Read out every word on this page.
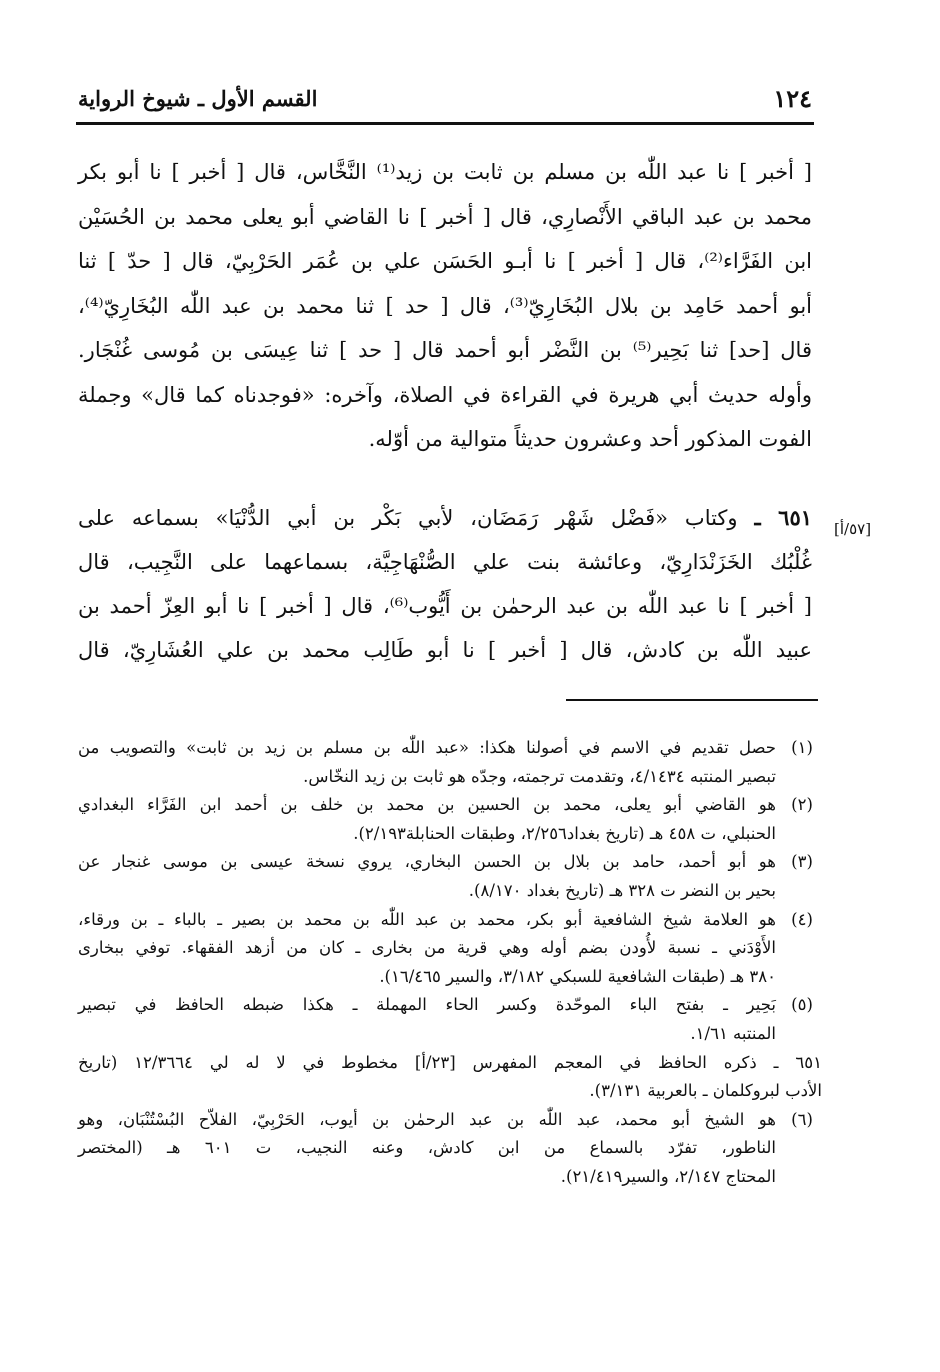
١٢٤
القسم الأول ـ شيوخ الرواية
[ أخبر ] نا عبد اللّٰه بن مسلم بن ثابت بن زيد⁽¹⁾ النَّخَّاس، قال [ أخبر ] نا أبو بكر
محمد بن عبد الباقي الأَنْصارِي، قال [ أخبر ] نا القاضي أبو يعلى محمد بن الحُسَيْن
ابن الفَرَّاء⁽²⁾، قال [ أخبر ] نا أبـو الحَسَن علي بن عُمَر الحَرْبِيّ، قال [ حدّ ] ثنا
أبو أحمد حَامِد بن بلال البُخَارِيّ⁽³⁾، قال [ حد ] ثنا محمد بن عبد اللّٰه البُخَارِيّ⁽⁴⁾،
قال [حد] ثنا بَحِير⁽⁵⁾ بن النَّضْر أبو أحمد قال [ حد ] ثنا عِيسَى بن مُوسى غُنْجَار.
وأوله حديث أبي هريرة في القراءة في الصلاة، وآخره: «فوجدناه كما قال» وجملة
الفوت المذكور أحد وعشرون حديثاً متوالية من أوّله.
٦٥١ ـ وكتاب «فَضْل شَهْر رَمَضَان، لأبي بَكْر بن أبي الدُّنْيَا» بسماعه على
غُلْبُك الخَزَنْدَارِيّ، وعائشة بنت علي الصُّنْهَاجِيَّة، بسماعهما على النَّجِيب، قال
[ أخبر ] نا عبد اللّٰه بن عبد الرحمٰن بن أَيُّوب⁽⁶⁾، قال [ أخبر ] نا أبو العِزّ أحمد بن
عبيد اللّٰه بن كادش، قال [ أخبر ] نا أبو طَالِب محمد بن علي العُشَارِيّ، قال
[٥٧/أ]
(١)
حصل تقديم في الاسم في أصولنا هكذا: «عبد اللّٰه بن مسلم بن زيد بن ثابت» والتصويب من
تبصير المنتبه ٤/١٤٣٤، وتقدمت ترجمته، وجدّه هو ثابت بن زيد النخّاس.
(٢)
هو القاضي أبو يعلى، محمد بن الحسين بن محمد بن خلف بن أحمد ابن الفَرَّاء البغدادي
الحنبلي، ت ٤٥٨ هـ (تاريخ بغداد٢/٢٥٦، وطبقات الحنابلة٢/١٩٣).
(٣)
هو أبو أحمد، حامد بن بلال بن الحسن البخاري، يروي نسخة عيسى بن موسى غنجار عن
بحير بن النضر ت ٣٢٨ هـ (تاريخ بغداد ٨/١٧٠).
(٤)
هو العلامة شيخ الشافعية أبو بكر، محمد بن عبد اللّٰه بن محمد بن بصير ـ بالباء ـ بن ورقاء،
الأَوْدَني ـ نسبة لأُودن بضم أوله وهي قرية من بخارى ـ كان من أزهد الفقهاء. توفي ببخارى
٣٨٠ هـ (طبقات الشافعية للسبكي ٣/١٨٢، والسير ١٦/٤٦٥).
(٥)
بَحِير ـ بفتح الباء الموحّدة وكسر الحاء المهملة ـ هكذا ضبطه الحافظ في تبصير
المنتبه ١/٦١.
٦٥١ ـ ذكره الحافظ في المعجم المفهرس [٢٣/أ] مخطوط في لا له لي ١٢/٣٦٦٤ (تاريخ
الأدب لبروكلمان ـ بالعربية ٣/١٣١).
(٦)
هو الشيخ أبو محمد، عبد اللّٰه بن عبد الرحمٰن بن أيوب، الحَرْبِيّ، الفلاّح البُسْتُنْبَان، وهو
الناطور، تفرّد بالسماع من ابن كادش، وعنه النجيب، ت ٦٠١ هـ (المختصر
المحتاج ٢/١٤٧، والسير٢١/٤١٩).
